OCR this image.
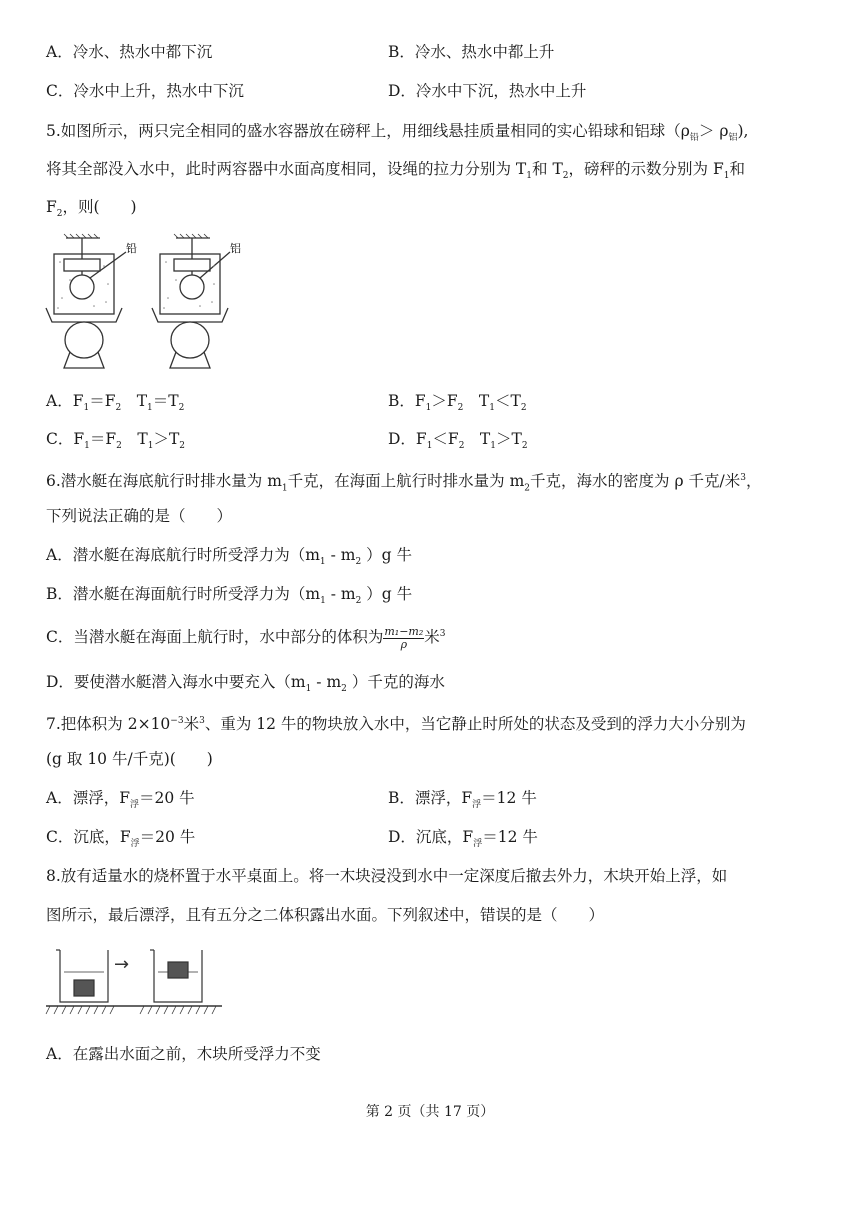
A．冷水、热水中都下沉	B．冷水、热水中都上升
C．冷水中上升，热水中下沉	D．冷水中下沉，热水中上升
5.如图所示，两只完全相同的盛水容器放在磅秤上，用细线悬挂质量相同的实心铅球和铝球$(\rho_铅> \rho_铝)$,
将其全部没入水中，此时两容器中水面高度相同，设绳的拉力分别为 $T_1$和 $T_2$，磅秤的示数分别为 $F_1$和
$F_2$，则(　　)
铅	铝
A．$F_1=F_2$　$T_1=T_2$	B．$F_1>F_2$　$T_1<T_2$
C．$F_1=F_2$　$T_1>T_2$	D．$F_1<F_2$　$T_1>T_2$
6.潜水艇在海底航行时排水量为 $m_1$千克，在海面上航行时排水量为 $m_2$千克，海水的密度为 ρ 千克/米$^3$，
下列说法正确的是（　　）
A．潜水艇在海底航行时所受浮力为（$m_1 - m_2$ ）g 牛
B．潜水艇在海面航行时所受浮力为（$m_1 - m_2$ ）g 牛
C．当潜水艇在海面上航行时，水中部分的体积为 $\frac{\text{m₁−m₂}}{\rho}$ 米$^3$
D．要使潜水艇潜入海水中要充入（$m_1 - m_2$ ）千克的海水
7.把体积为 $2\times 10^{-3}$米$^3$、重为 12 牛的物块放入水中，当它静止时所处的状态及受到的浮力大小分别为
(g 取 10 牛/千克)(　　)
A．漂浮，$F_浮=20$ 牛	B．漂浮，$F_浮=12$ 牛
C．沉底，$F_浮=20$ 牛	D．沉底，$F_浮=12$ 牛
8.放有适量水的烧杯置于水平桌面上。将一木块浸没到水中一定深度后撤去外力，木块开始上浮，如
图所示，最后漂浮，且有五分之二体积露出水面。下列叙述中，错误的是（　　）
→
A．在露出水面之前，木块所受浮力不变
第 2 页（共 17 页）
